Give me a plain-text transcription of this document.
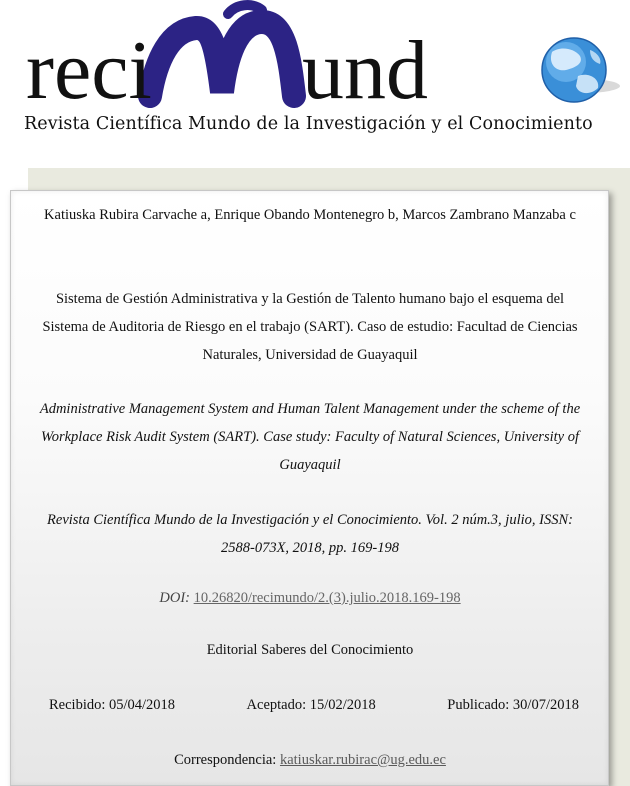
reci und
Revista Científica Mundo de la Investigación y el Conocimiento
Katiuska Rubira Carvache a, Enrique Obando Montenegro b, Marcos Zambrano Manzaba c
Sistema de Gestión Administrativa y la Gestión de Talento humano bajo el esquema del Sistema de Auditoria de Riesgo en el trabajo (SART). Caso de estudio: Facultad de Ciencias Naturales, Universidad de Guayaquil
Administrative Management System and Human Talent Management under the scheme of the Workplace Risk Audit System (SART). Case study: Faculty of Natural Sciences, University of Guayaquil
Revista Científica Mundo de la Investigación y el Conocimiento. Vol. 2 núm.3, julio, ISSN: 2588-073X, 2018, pp. 169-198
DOI: 10.26820/recimundo/2.(3).julio.2018.169-198
Editorial Saberes del Conocimiento
Recibido: 05/04/2018	Aceptado: 15/02/2018	Publicado: 30/07/2018
Correspondencia: katiuskar.rubirac@ug.edu.ec
